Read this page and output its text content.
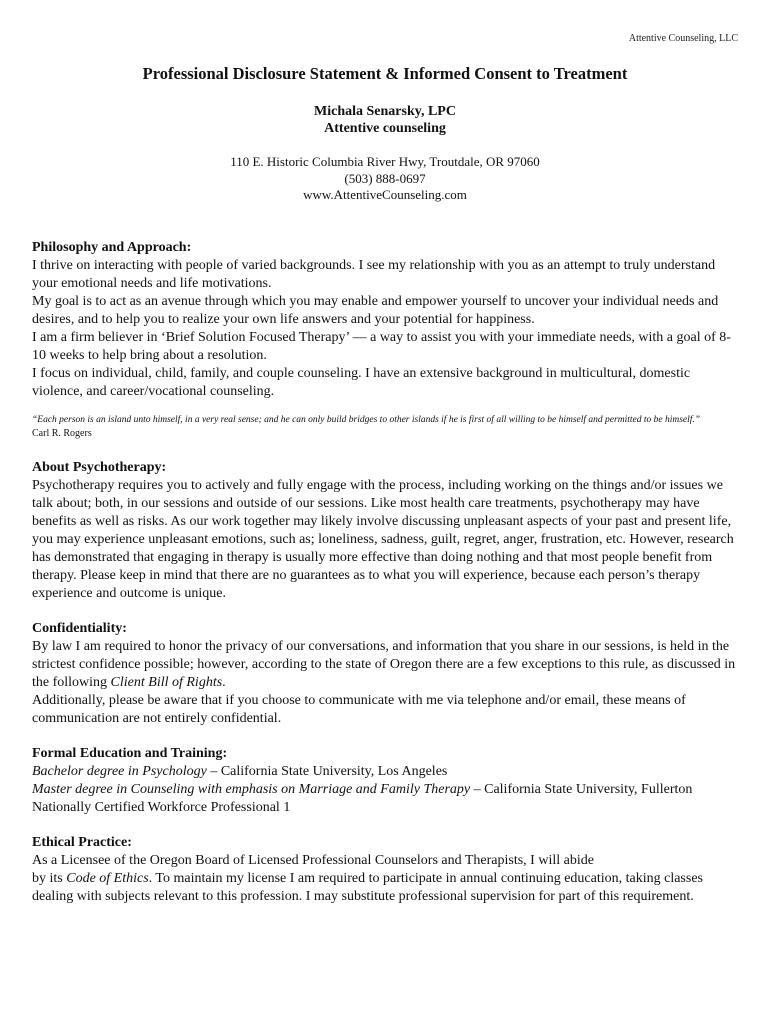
Attentive Counseling, LLC
Professional Disclosure Statement & Informed Consent to Treatment
Michala Senarsky, LPC
Attentive counseling
110 E. Historic Columbia River Hwy, Troutdale, OR 97060
(503) 888-0697
www.AttentiveCounseling.com
Philosophy and Approach:
I thrive on interacting with people of varied backgrounds. I see my relationship with you as an attempt to truly understand your emotional needs and life motivations.
My goal is to act as an avenue through which you may enable and empower yourself to uncover your individual needs and desires, and to help you to realize your own life answers and your potential for happiness.
I am a firm believer in ‘Brief Solution Focused Therapy’ — a way to assist you with your immediate needs, with a goal of 8-10 weeks to help bring about a resolution.
I focus on individual, child, family, and couple counseling. I have an extensive background in multicultural, domestic violence, and career/vocational counseling.
“Each person is an island unto himself, in a very real sense; and he can only build bridges to other islands if he is first of all willing to be himself and permitted to be himself.”
Carl R. Rogers
About Psychotherapy:
Psychotherapy requires you to actively and fully engage with the process, including working on the things and/or issues we talk about; both, in our sessions and outside of our sessions. Like most health care treatments, psychotherapy may have benefits as well as risks. As our work together may likely involve discussing unpleasant aspects of your past and present life, you may experience unpleasant emotions, such as; loneliness, sadness, guilt, regret, anger, frustration, etc. However, research has demonstrated that engaging in therapy is usually more effective than doing nothing and that most people benefit from therapy. Please keep in mind that there are no guarantees as to what you will experience, because each person’s therapy experience and outcome is unique.
Confidentiality:
By law I am required to honor the privacy of our conversations, and information that you share in our sessions, is held in the strictest confidence possible; however, according to the state of Oregon there are a few exceptions to this rule, as discussed in the following Client Bill of Rights.
Additionally, please be aware that if you choose to communicate with me via telephone and/or email, these means of communication are not entirely confidential.
Formal Education and Training:
Bachelor degree in Psychology – California State University, Los Angeles
Master degree in Counseling with emphasis on Marriage and Family Therapy – California State University, Fullerton
Nationally Certified Workforce Professional 1
Ethical Practice:
As a Licensee of the Oregon Board of Licensed Professional Counselors and Therapists, I will abide
by its Code of Ethics. To maintain my license I am required to participate in annual continuing education, taking classes dealing with subjects relevant to this profession. I may substitute professional supervision for part of this requirement.
